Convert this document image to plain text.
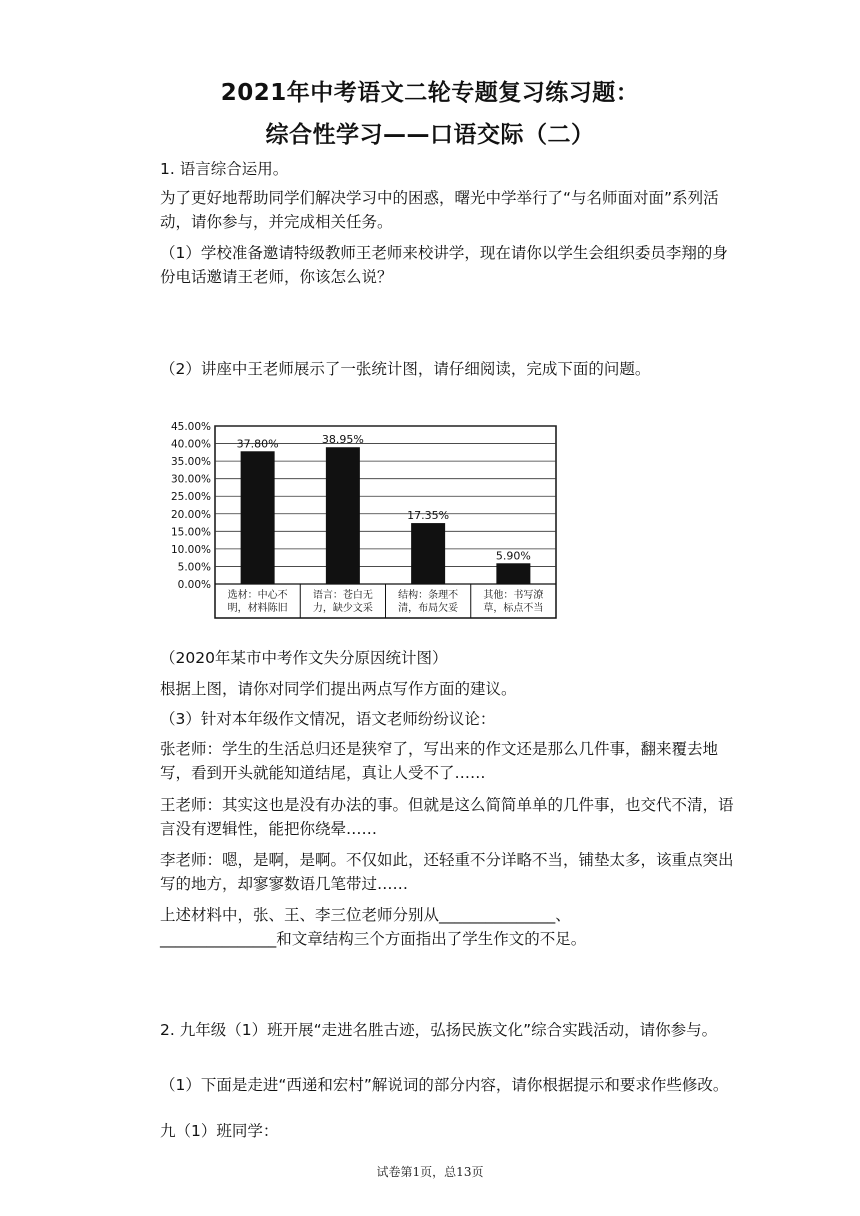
2021年中考语文二轮专题复习练习题：
综合性学习——口语交际（二）
1. 语言综合运用。
为了更好地帮助同学们解决学习中的困惑，曙光中学举行了“与名师面对面”系列活动，请你参与，并完成相关任务。
（1）学校准备邀请特级教师王老师来校讲学，现在请你以学生会组织委员李翔的身份电话邀请王老师，你该怎么说？
（2）讲座中王老师展示了一张统计图，请仔细阅读，完成下面的问题。
0.00%
5.00%
10.00%
15.00%
20.00%
25.00%
30.00%
35.00%
40.00%
45.00%
37.80%
选材：中心不
明，材料陈旧
38.95%
语言：苍白无
力，缺少文采
17.35%
结构：条理不
清，布局欠妥
5.90%
其他：书写潦
草，标点不当
（2020年某市中考作文失分原因统计图）
根据上图，请你对同学们提出两点写作方面的建议。
（3）针对本年级作文情况，语文老师纷纷议论：
张老师：学生的生活总归还是狭窄了，写出来的作文还是那么几件事，翻来覆去地写，看到开头就能知道结尾，真让人受不了……
王老师：其实这也是没有办法的事。但就是这么简简单单的几件事，也交代不清，语言没有逻辑性，能把你绕晕……
李老师：嗯，是啊，是啊。不仅如此，还轻重不分详略不当，铺垫太多，该重点突出写的地方，却寥寥数语几笔带过……
上述材料中，张、王、李三位老师分别从_______________、
_______________和文章结构三个方面指出了学生作文的不足。
2. 九年级（1）班开展“走进名胜古迹，弘扬民族文化”综合实践活动，请你参与。
（1）下面是走进“西递和宏村”解说词的部分内容，请你根据提示和要求作些修改。
九（1）班同学：
试卷第1页，总13页
